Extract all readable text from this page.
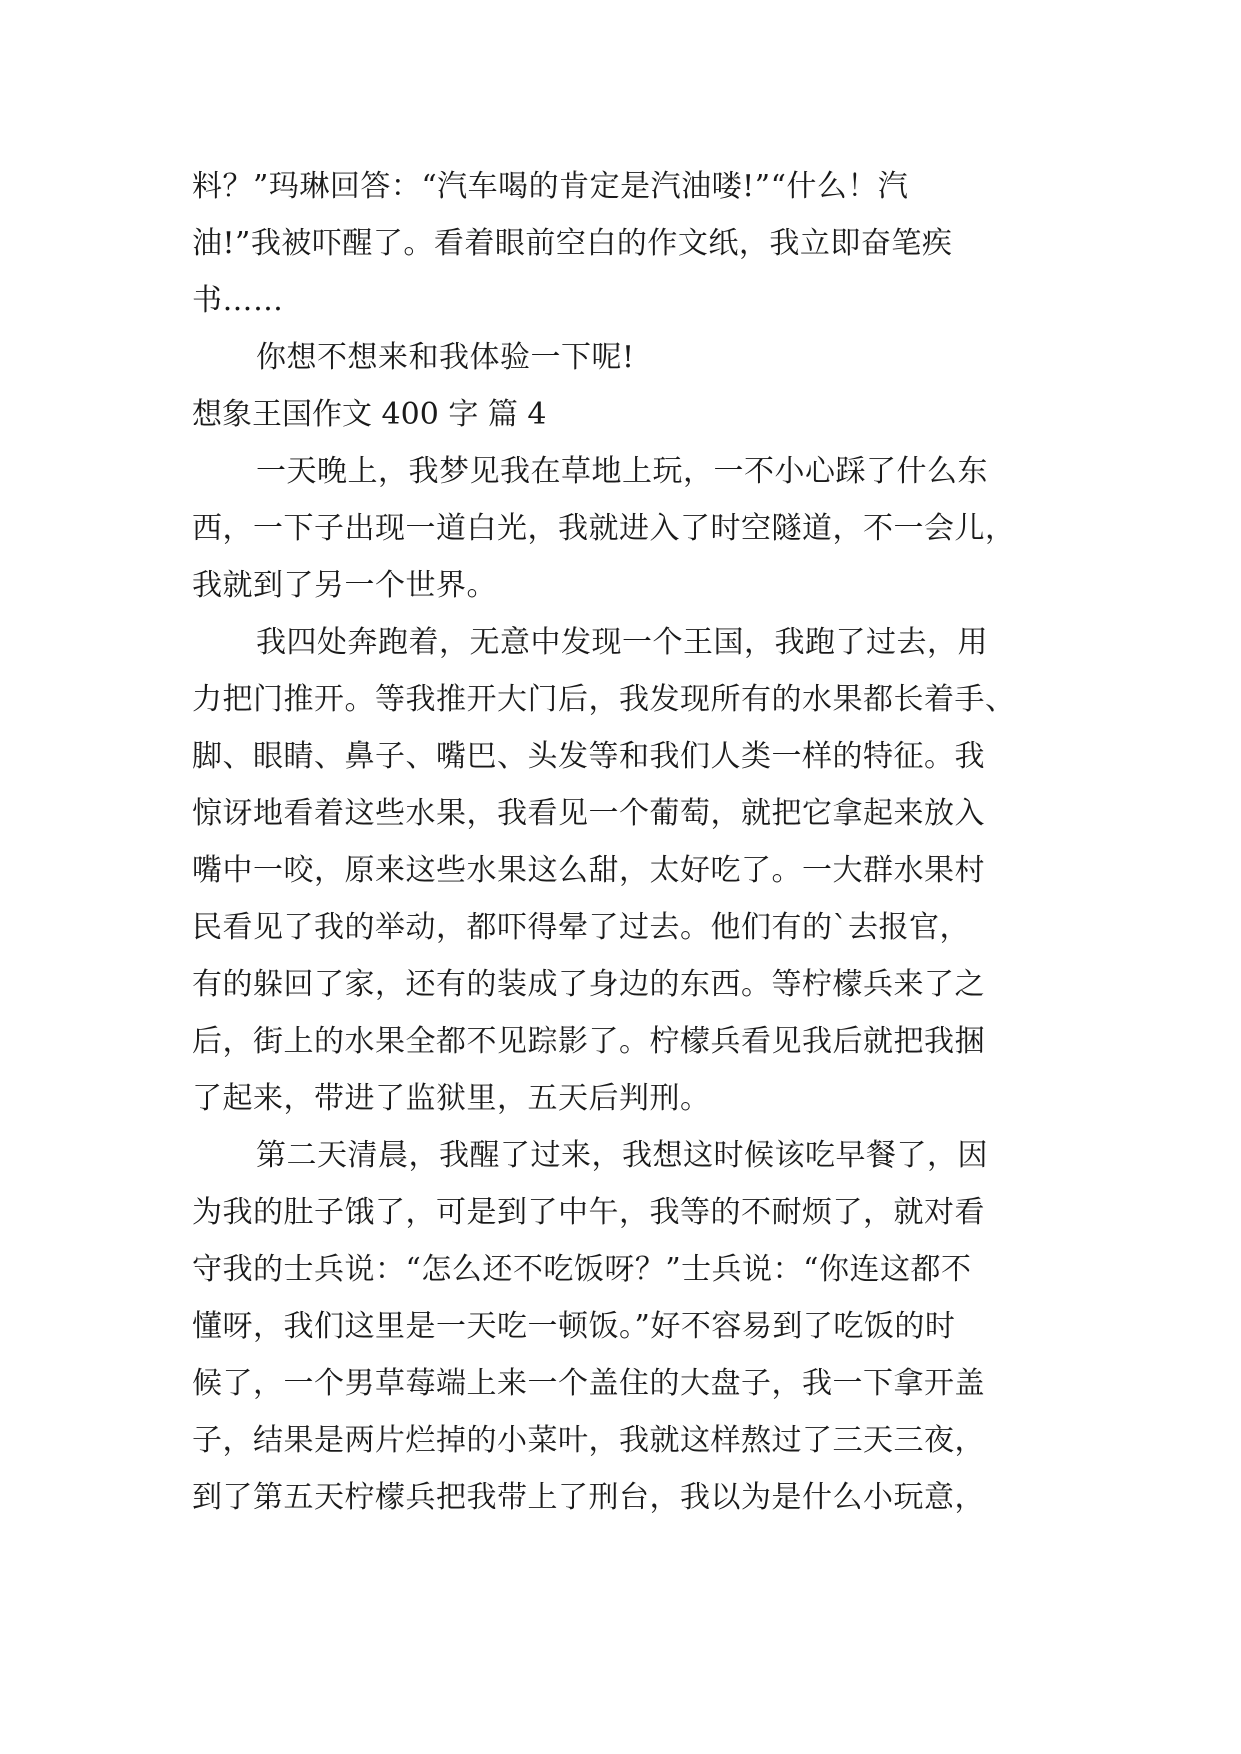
料？”玛琳回答：“汽车喝的肯定是汽油喽!”“什么！汽
油!”我被吓醒了。看着眼前空白的作文纸，我立即奋笔疾
书……
你想不想来和我体验一下呢!
想象王国作文 400 字 篇 4
一天晚上，我梦见我在草地上玩，一不小心踩了什么东
西，一下子出现一道白光，我就进入了时空隧道，不一会儿，
我就到了另一个世界。
我四处奔跑着，无意中发现一个王国，我跑了过去，用
力把门推开。等我推开大门后，我发现所有的水果都长着手、
脚、眼睛、鼻子、嘴巴、头发等和我们人类一样的特征。我
惊讶地看着这些水果，我看见一个葡萄，就把它拿起来放入
嘴中一咬，原来这些水果这么甜，太好吃了。一大群水果村
民看见了我的举动，都吓得晕了过去。他们有的`去报官，
有的躲回了家，还有的装成了身边的东西。等柠檬兵来了之
后，街上的水果全都不见踪影了。柠檬兵看见我后就把我捆
了起来，带进了监狱里，五天后判刑。
第二天清晨，我醒了过来，我想这时候该吃早餐了，因
为我的肚子饿了，可是到了中午，我等的不耐烦了，就对看
守我的士兵说：“怎么还不吃饭呀？”士兵说：“你连这都不
懂呀，我们这里是一天吃一顿饭。”好不容易到了吃饭的时
候了，一个男草莓端上来一个盖住的大盘子，我一下拿开盖
子，结果是两片烂掉的小菜叶，我就这样熬过了三天三夜，
到了第五天柠檬兵把我带上了刑台，我以为是什么小玩意，
